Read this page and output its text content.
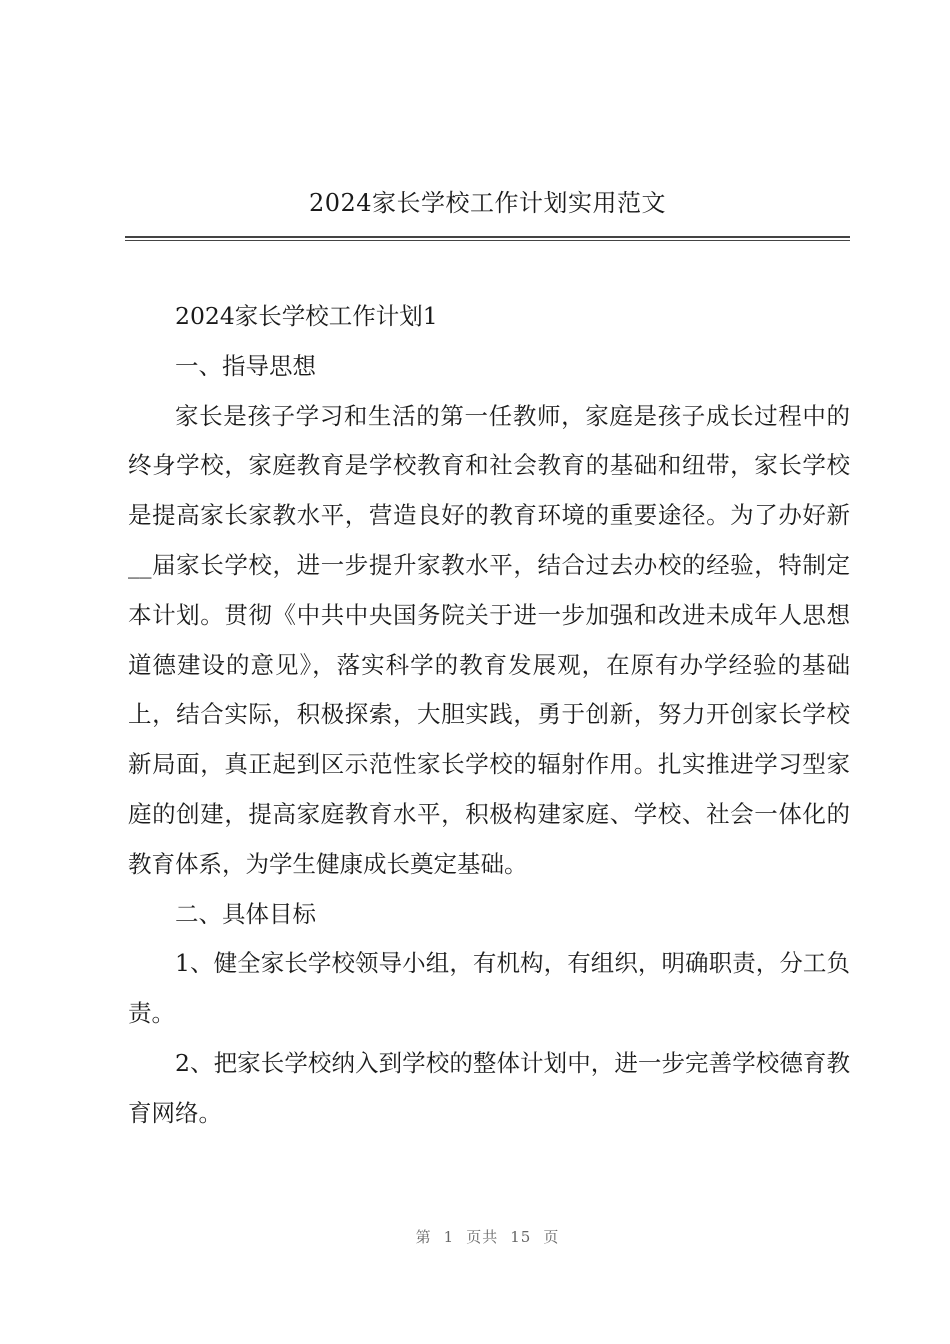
2024家长学校工作计划实用范文

2024家长学校工作计划1

一、指导思想

家长是孩子学习和生活的第一任教师，家庭是孩子成长过程中的终身学校，家庭教育是学校教育和社会教育的基础和纽带，家长学校是提高家长家教水平，营造良好的教育环境的重要途径。为了办好新__届家长学校，进一步提升家教水平，结合过去办校的经验，特制定本计划。贯彻《中共中央国务院关于进一步加强和改进未成年人思想道德建设的意见》，落实科学的教育发展观，在原有办学经验的基础上，结合实际，积极探索，大胆实践，勇于创新，努力开创家长学校新局面，真正起到区示范性家长学校的辐射作用。扎实推进学习型家庭的创建，提高家庭教育水平，积极构建家庭、学校、社会一体化的教育体系，为学生健康成长奠定基础。

二、具体目标

1、健全家长学校领导小组，有机构，有组织，明确职责，分工负责。

2、把家长学校纳入到学校的整体计划中，进一步完善学校德育教育网络。

第 1 页共 15 页
